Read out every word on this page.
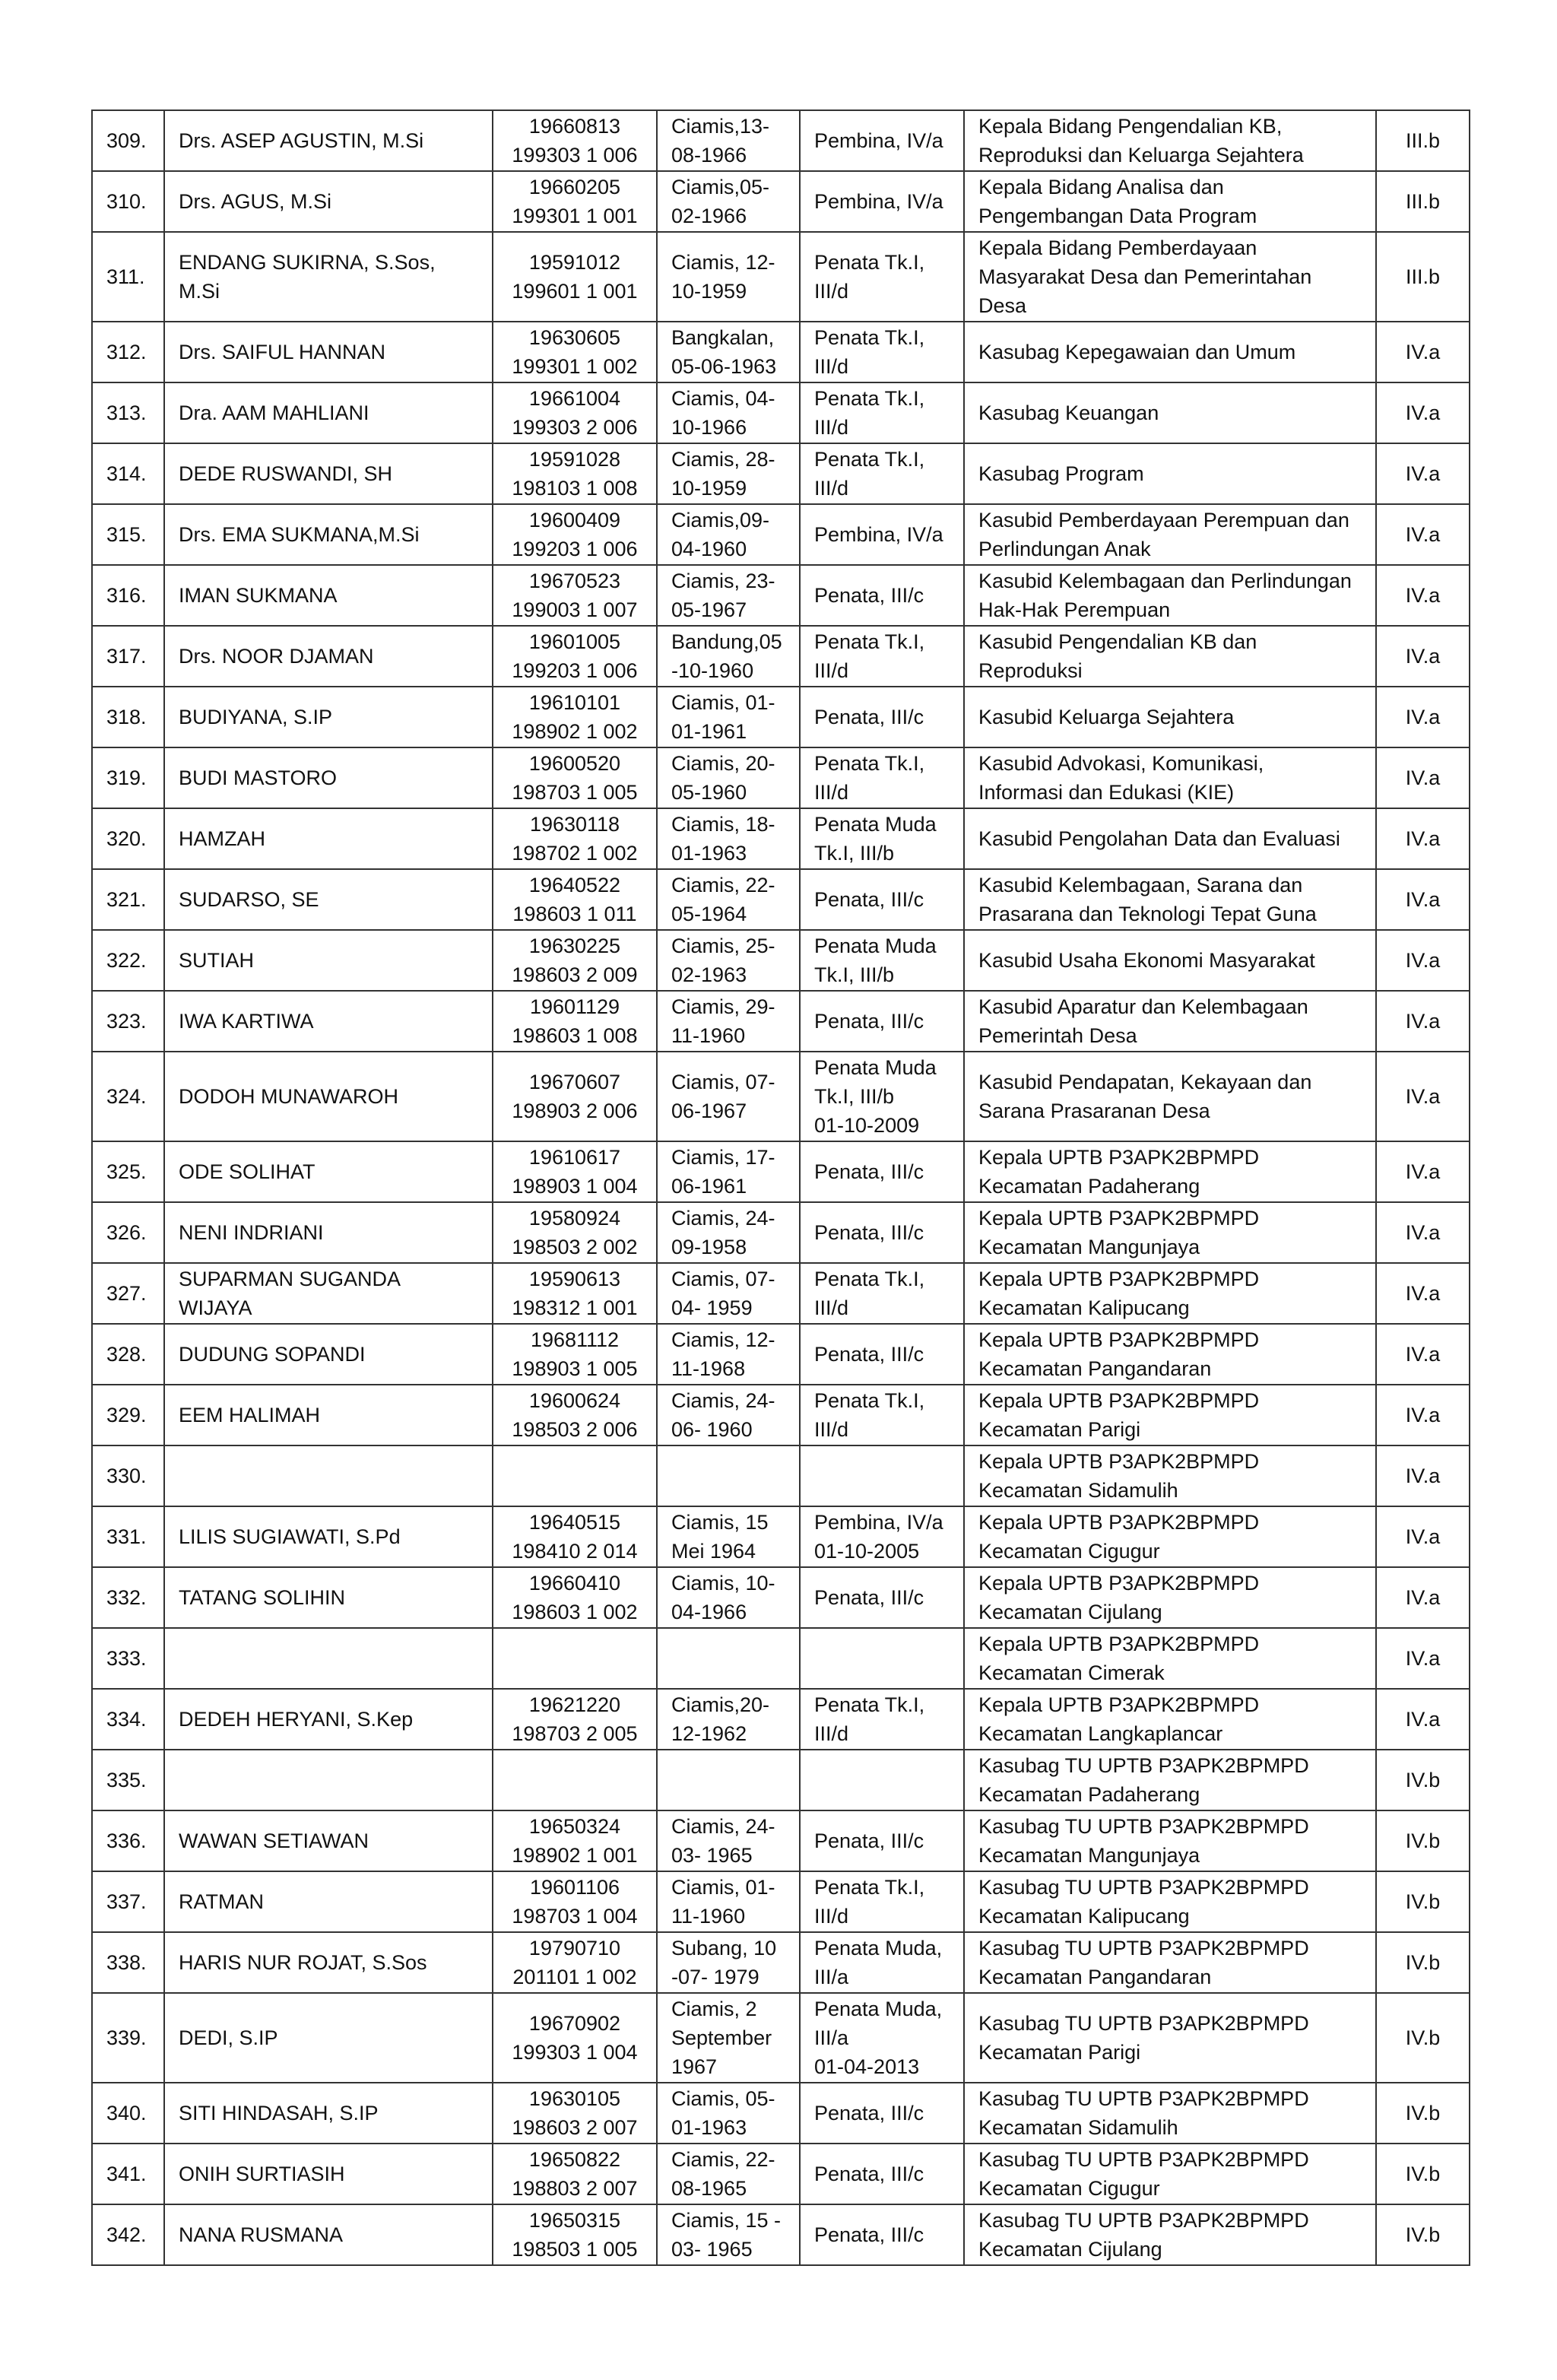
309.	Drs. ASEP AGUSTIN, M.Si	19660813
199303 1 006	Ciamis,13-
08-1966	Pembina, IV/a	Kepala Bidang Pengendalian KB,
Reproduksi dan Keluarga Sejahtera	III.b

310.	Drs. AGUS, M.Si	19660205
199301 1 001	Ciamis,05-
02-1966	Pembina, IV/a	Kepala Bidang Analisa dan
Pengembangan Data Program	III.b

311.	ENDANG SUKIRNA, S.Sos,
M.Si	19591012
199601 1 001	Ciamis, 12-
10-1959	Penata Tk.I,
III/d	Kepala Bidang Pemberdayaan
Masyarakat Desa dan Pemerintahan
Desa	III.b

312.	Drs. SAIFUL HANNAN	19630605
199301 1 002	Bangkalan,
05-06-1963	Penata Tk.I,
III/d	Kasubag Kepegawaian dan Umum	IV.a

313.	Dra. AAM MAHLIANI	19661004
199303 2 006	Ciamis, 04-
10-1966	Penata Tk.I,
III/d	Kasubag Keuangan	IV.a

314.	DEDE RUSWANDI, SH	19591028
198103 1 008	Ciamis, 28-
10-1959	Penata Tk.I,
III/d	Kasubag Program	IV.a

315.	Drs. EMA SUKMANA,M.Si	19600409
199203 1 006	Ciamis,09-
04-1960	Pembina, IV/a	Kasubid Pemberdayaan Perempuan dan
Perlindungan Anak	IV.a

316.	IMAN SUKMANA	19670523
199003 1 007	Ciamis, 23-
05-1967	Penata, III/c	Kasubid Kelembagaan dan Perlindungan
Hak-Hak Perempuan	IV.a

317.	Drs. NOOR DJAMAN	19601005
199203 1 006	Bandung,05
-10-1960	Penata Tk.I,
III/d	Kasubid Pengendalian KB dan
Reproduksi	IV.a

318.	BUDIYANA, S.IP	19610101
198902 1 002	Ciamis, 01-
01-1961	Penata, III/c	Kasubid Keluarga Sejahtera	IV.a

319.	BUDI MASTORO	19600520
198703 1 005	Ciamis, 20-
05-1960	Penata Tk.I,
III/d	Kasubid Advokasi, Komunikasi,
Informasi dan Edukasi (KIE)	IV.a

320.	HAMZAH	19630118
198702 1 002	Ciamis, 18-
01-1963	Penata Muda
Tk.I, III/b	Kasubid Pengolahan Data dan Evaluasi	IV.a

321.	SUDARSO, SE	19640522
198603 1 011	Ciamis, 22-
05-1964	Penata, III/c	Kasubid Kelembagaan, Sarana dan
Prasarana dan Teknologi Tepat Guna	IV.a

322.	SUTIAH	19630225
198603 2 009	Ciamis, 25-
02-1963	Penata Muda
Tk.I, III/b	Kasubid Usaha Ekonomi Masyarakat	IV.a

323.	IWA KARTIWA	19601129
198603 1 008	Ciamis, 29-
11-1960	Penata, III/c	Kasubid Aparatur dan Kelembagaan
Pemerintah Desa	IV.a

324.	DODOH MUNAWAROH	19670607
198903 2 006	Ciamis, 07-
06-1967	Penata Muda
Tk.I, III/b
01-10-2009	Kasubid Pendapatan, Kekayaan dan
Sarana Prasaranan Desa	IV.a

325.	ODE SOLIHAT	19610617
198903 1 004	Ciamis, 17-
06-1961	Penata, III/c	Kepala UPTB P3APK2BPMPD
Kecamatan Padaherang	IV.a

326.	NENI INDRIANI	19580924
198503 2 002	Ciamis, 24-
09-1958	Penata, III/c	Kepala UPTB P3APK2BPMPD
Kecamatan Mangunjaya	IV.a

327.	SUPARMAN SUGANDA
WIJAYA	19590613
198312 1 001	Ciamis, 07-
04- 1959	Penata Tk.I,
III/d	Kepala UPTB P3APK2BPMPD
Kecamatan Kalipucang	IV.a

328.	DUDUNG SOPANDI	19681112
198903 1 005	Ciamis, 12-
11-1968	Penata, III/c	Kepala UPTB P3APK2BPMPD
Kecamatan Pangandaran	IV.a

329.	EEM HALIMAH	19600624
198503 2 006	Ciamis, 24-
06- 1960	Penata Tk.I,
III/d	Kepala UPTB P3APK2BPMPD
Kecamatan Parigi	IV.a

330.					Kepala UPTB P3APK2BPMPD
Kecamatan Sidamulih	IV.a

331.	LILIS SUGIAWATI, S.Pd	19640515
198410 2 014	Ciamis, 15
Mei 1964	Pembina, IV/a
01-10-2005	Kepala UPTB P3APK2BPMPD
Kecamatan Cigugur	IV.a

332.	TATANG SOLIHIN	19660410
198603 1 002	Ciamis, 10-
04-1966	Penata, III/c	Kepala UPTB P3APK2BPMPD
Kecamatan Cijulang	IV.a

333.					Kepala UPTB P3APK2BPMPD
Kecamatan Cimerak	IV.a

334.	DEDEH HERYANI, S.Kep	19621220
198703 2 005	Ciamis,20-
12-1962	Penata Tk.I,
III/d	Kepala UPTB P3APK2BPMPD
Kecamatan Langkaplancar	IV.a

335.					Kasubag TU UPTB P3APK2BPMPD
Kecamatan Padaherang	IV.b

336.	WAWAN SETIAWAN	19650324
198902 1 001	Ciamis, 24-
03- 1965	Penata, III/c	Kasubag TU UPTB P3APK2BPMPD
Kecamatan Mangunjaya	IV.b

337.	RATMAN	19601106
198703 1 004	Ciamis, 01-
11-1960	Penata Tk.I,
III/d	Kasubag TU UPTB P3APK2BPMPD
Kecamatan Kalipucang	IV.b

338.	HARIS NUR ROJAT, S.Sos	19790710
201101 1 002	Subang, 10
-07- 1979	Penata Muda,
III/a	Kasubag TU UPTB P3APK2BPMPD
Kecamatan Pangandaran	IV.b

339.	DEDI, S.IP	19670902
199303 1 004	Ciamis, 2
September
1967	Penata Muda,
III/a
01-04-2013	Kasubag TU UPTB P3APK2BPMPD
Kecamatan Parigi	IV.b

340.	SITI HINDASAH, S.IP	19630105
198603 2 007	Ciamis, 05-
01-1963	Penata, III/c	Kasubag TU UPTB P3APK2BPMPD
Kecamatan Sidamulih	IV.b

341.	ONIH SURTIASIH	19650822
198803 2 007	Ciamis, 22-
08-1965	Penata, III/c	Kasubag TU UPTB P3APK2BPMPD
Kecamatan Cigugur	IV.b

342.	NANA RUSMANA	19650315
198503 1 005	Ciamis, 15 -
03- 1965	Penata, III/c	Kasubag TU UPTB P3APK2BPMPD
Kecamatan Cijulang	IV.b
